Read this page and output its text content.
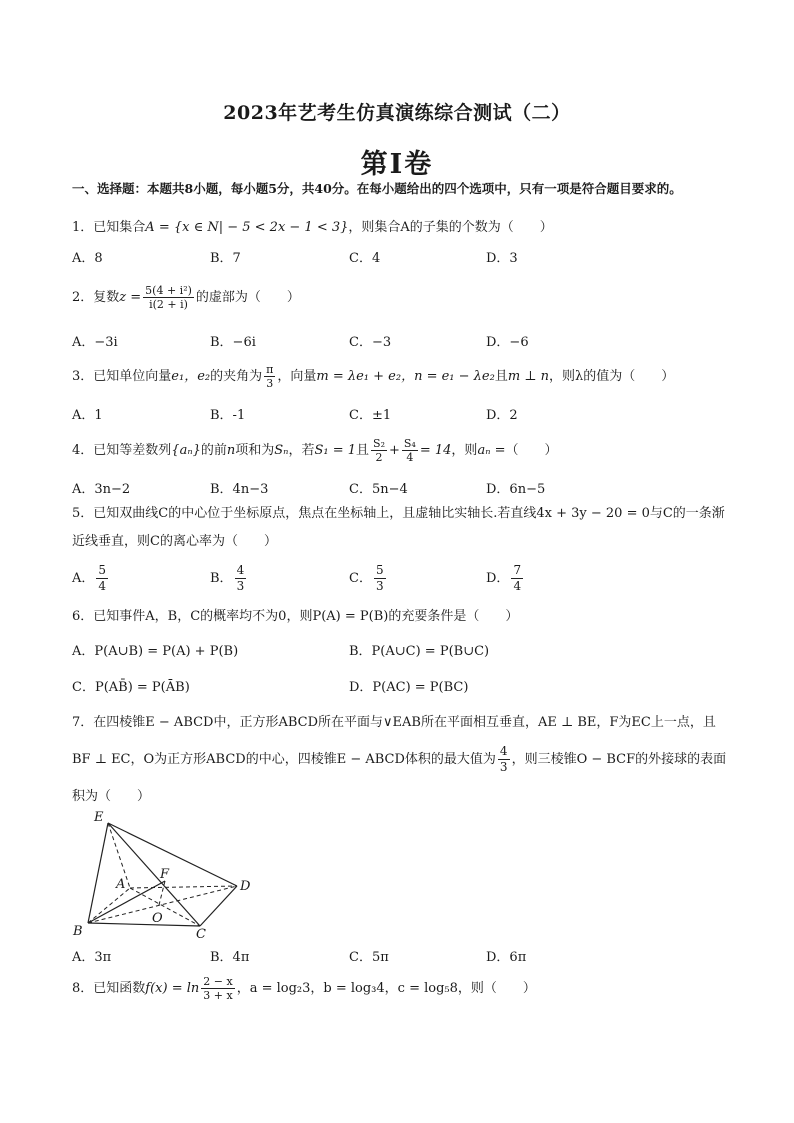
2023年艺考生仿真演练综合测试（二）
第I卷
一、选择题：本题共8小题，每小题5分，共40分。在每小题给出的四个选项中，只有一项是符合题目要求的。
1．已知集合A = {x ∈ N| − 5 < 2x − 1 < 3}，则集合A的子集的个数为（　　）
A．8	B．7	C．4	D．3
2．复数$z = \frac{\text{5(4 + i²)}}{i(2 + i)}$ 的虚部为（　　）
A．−3i	B．−6i	C．−3	D．−6
3．已知单位向量e₁，e₂的夹角为 $\frac{\pi}{3}$ ，向量m = λe₁ + e₂，n = e₁ − λe₂且m ⊥ n，则λ的值为（　　）
A．1	B．-1	C．±1	D．2
4．已知等差数列{aₙ}的前n项和为Sₙ，若S₁ = 1且 $\frac{\text{S₂}}{2} + \frac{\text{S₄}}{4} = 14$，则aₙ =（　　）
A．3n−2	B．4n−3	C．5n−4	D．6n−5
5．已知双曲线C的中心位于坐标原点，焦点在坐标轴上，且虚轴比实轴长.若直线4x + 3y − 20 = 0与C的一条渐近线垂直，则C的离心率为（　　）
A． $\frac{5}{4}$	B． $\frac{4}{3}$	C． $\frac{5}{3}$	D． $\frac{7}{4}$
6．已知事件A，B，C的概率均不为0，则P(A) = P(B)的充要条件是（　　）
A．P(A∪B) = P(A) + P(B)	B．P(A∪C) = P(B∪C)
C．P(AB̄) = P(ĀB)	D．P(AC) = P(BC)
7．在四棱锥E − ABCD中，正方形ABCD所在平面与∨EAB所在平面相互垂直，AE ⊥ BE，F为EC上一点，且BF ⊥ EC，O为正方形ABCD的中心，四棱锥E − ABCD体积的最大值为 $\frac{4}{3}$ ，则三棱锥O − BCF的外接球的表面积为（　　）
E
A
F
D
O
B	C
A．3π	B．4π	C．5π	D．6π
8．已知函数$f(x) = \ln \frac{2 - x}{3 + x}$ ，a = log₂3，b = log₃4，c = log₅8，则（　　）
